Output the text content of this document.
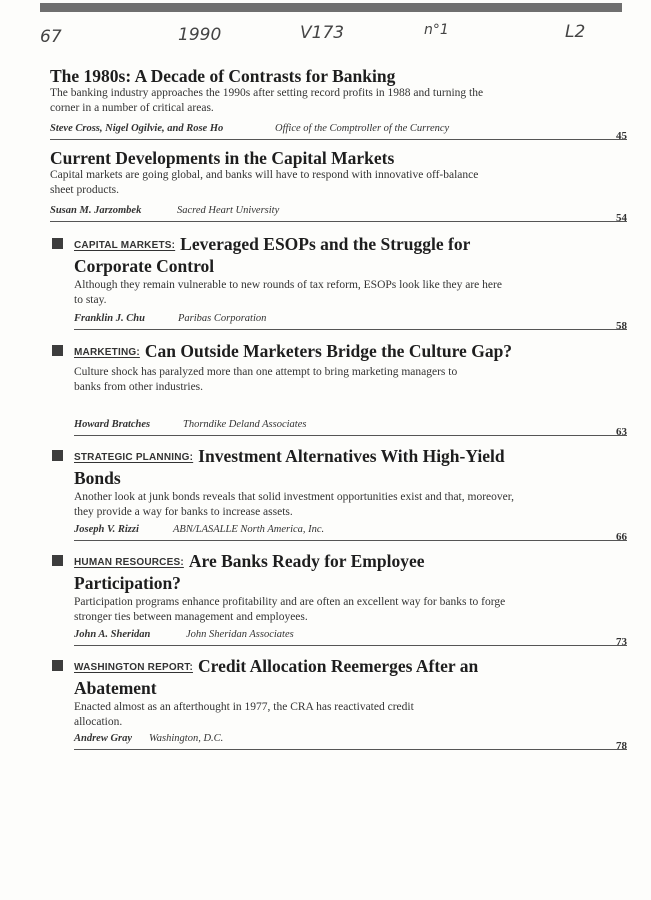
67	1990	V173	n°1	L2

The 1980s: A Decade of Contrasts for Banking

The banking industry approaches the 1990s after setting record profits in 1988 and turning the corner in a number of critical areas.

Steve Cross, Nigel Ogilvie, and Rose Ho	Office of the Comptroller of the Currency
45

Current Developments in the Capital Markets

Capital markets are going global, and banks will have to respond with innovative off-balance sheet products.

Susan M. Jarzombek	Sacred Heart University
54

CAPITAL MARKETS: Leveraged ESOPs and the Struggle for Corporate Control

Although they remain vulnerable to new rounds of tax reform, ESOPs look like they are here to stay.

Franklin J. Chu	Paribas Corporation
58

MARKETING: Can Outside Marketers Bridge the Culture Gap?

Culture shock has paralyzed more than one attempt to bring marketing managers to banks from other industries.

Howard Bratches	Thorndike Deland Associates
63

STRATEGIC PLANNING: Investment Alternatives With High-Yield Bonds

Another look at junk bonds reveals that solid investment opportunities exist and that, moreover, they provide a way for banks to increase assets.

Joseph V. Rizzi	ABN/LASALLE North America, Inc.
66

HUMAN RESOURCES: Are Banks Ready for Employee Participation?

Participation programs enhance profitability and are often an excellent way for banks to forge stronger ties between management and employees.

John A. Sheridan	John Sheridan Associates
73

WASHINGTON REPORT: Credit Allocation Reemerges After an Abatement

Enacted almost as an afterthought in 1977, the CRA has reactivated credit allocation.

Andrew Gray Washington, D.C.
78
